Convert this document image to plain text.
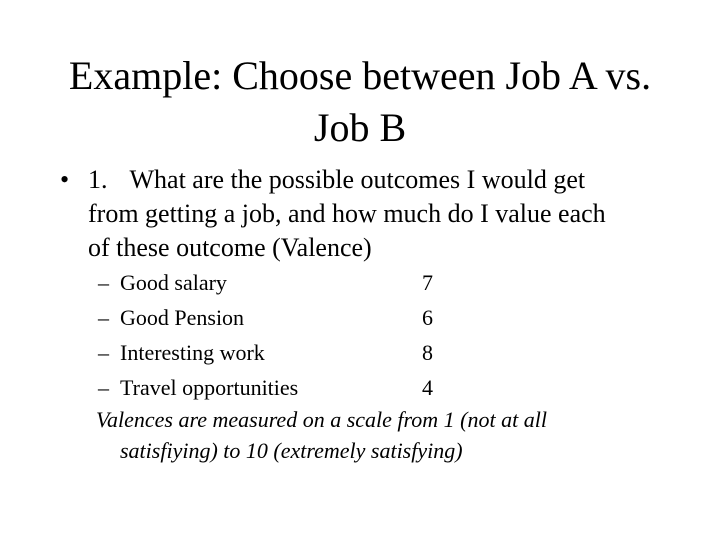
Example: Choose between Job A vs.
Job B
• 1. What are the possible outcomes I would get
from getting a job, and how much do I value each
of these outcome (Valence)
– Good salary	7
– Good Pension	6
– Interesting work	8
– Travel opportunities	4
Valences are measured on a scale from 1 (not at all
satisfiying) to 10 (extremely satisfying)
